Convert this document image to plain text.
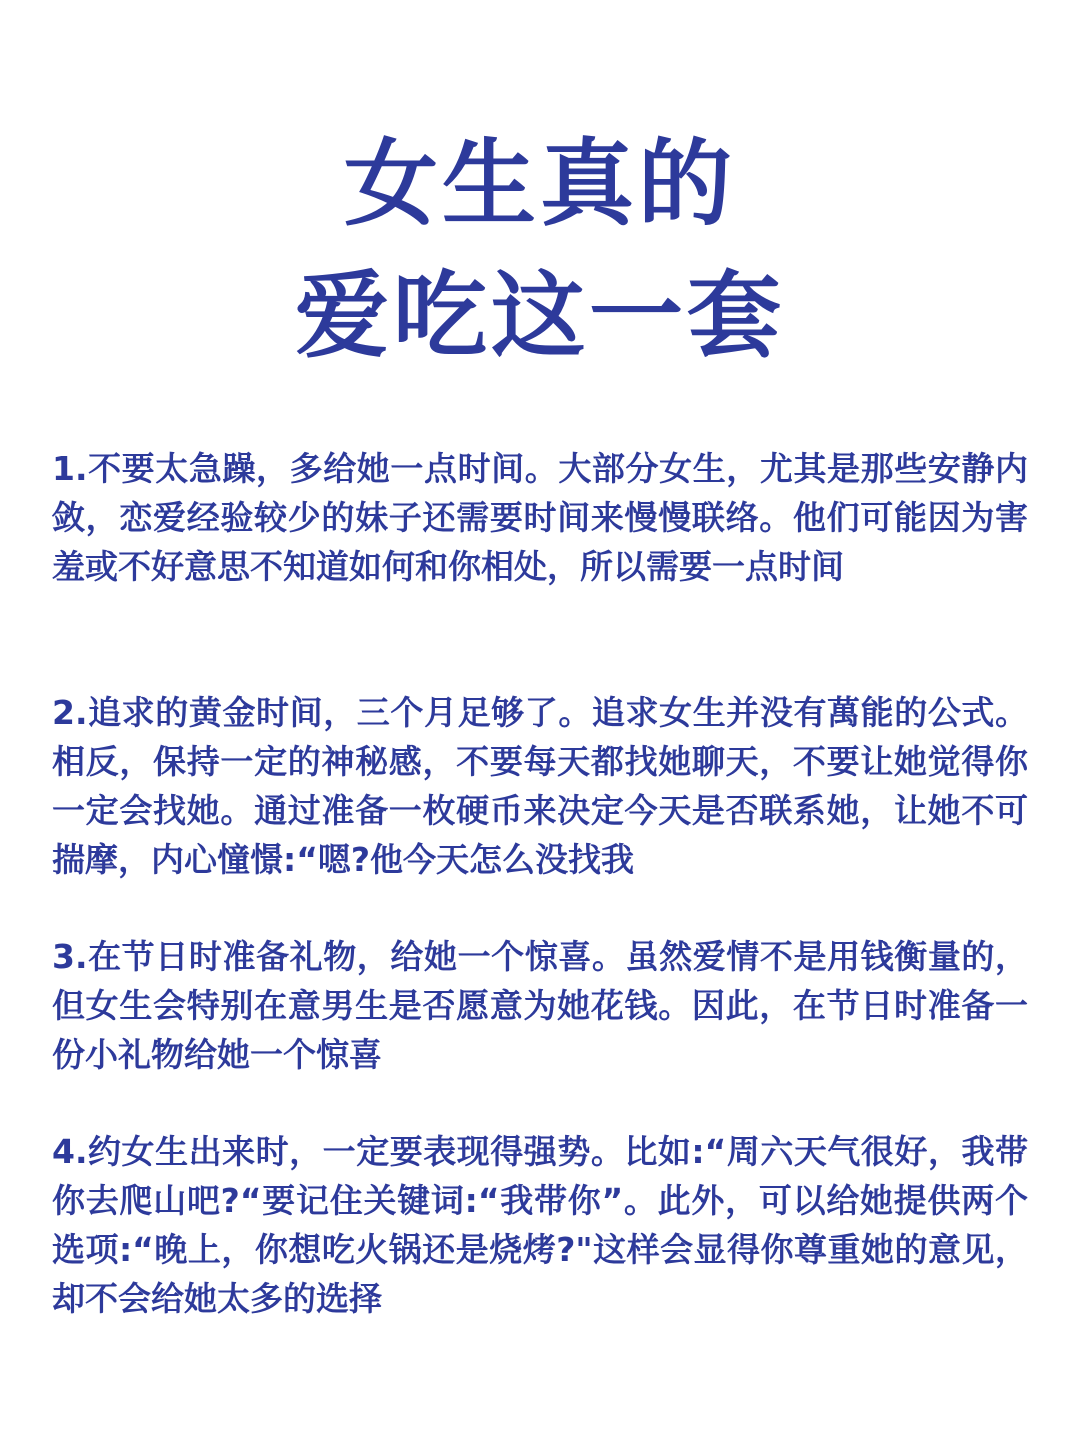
女生真的
爱吃这一套

1.不要太急躁，多给她一点时间。大部分女生，尤其是那些安静内敛，恋爱经验较少的妹子还需要时间来慢慢联络。他们可能因为害羞或不好意思不知道如何和你相处，所以需要一点时间

2.追求的黄金时间，三个月足够了。追求女生并没有萬能的公式。相反，保持一定的神秘感，不要每天都找她聊天，不要让她觉得你一定会找她。通过准备一枚硬币来决定今天是否联系她，让她不可揣摩，内心憧憬:“嗯?他今天怎么没找我

3.在节日时准备礼物，给她一个惊喜。虽然爱情不是用钱衡量的，但女生会特别在意男生是否愿意为她花钱。因此，在节日时准备一份小礼物给她一个惊喜

4.约女生出来时，一定要表现得强势。比如:“周六天气很好，我带你去爬山吧?“要记住关键词:“我带你”。此外，可以给她提供两个选项:“晚上，你想吃火锅还是烧烤?"这样会显得你尊重她的意见，却不会给她太多的选择
